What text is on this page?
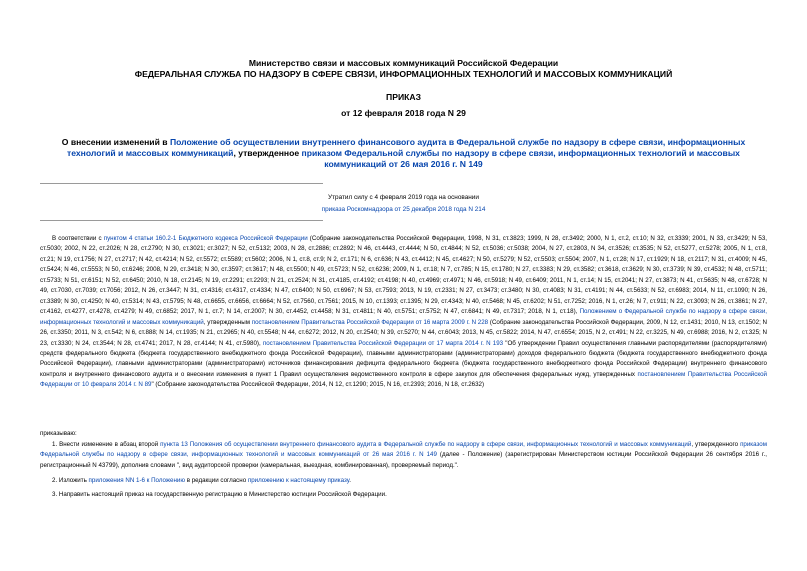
Министерство связи и массовых коммуникаций Российской Федерации
ФЕДЕРАЛЬНАЯ СЛУЖБА ПО НАДЗОРУ В СФЕРЕ СВЯЗИ, ИНФОРМАЦИОННЫХ ТЕХНОЛОГИЙ И МАССОВЫХ КОММУНИКАЦИЙ
ПРИКАЗ
от 12 февраля 2018 года N 29
О внесении изменений в Положение об осуществлении внутреннего финансового аудита в Федеральной службе по надзору в сфере связи, информационных технологий и массовых коммуникаций, утвержденное приказом Федеральной службы по надзору в сфере связи, информационных технологий и массовых коммуникаций от 26 мая 2016 г. N 149
Утратил силу с 4 февраля 2019 года на основании
приказа Роскомнадзора от 25 декабря 2018 года N 214
В соответствии с пунктом 4 статьи 160.2-1 Бюджетного кодекса Российской Федерации (Собрание законодательства Российской Федерации, 1998, N 31, ст.3823; 1999, N 28, ст.3492; 2000, N 1, ст.2, ст.10; N 32, ст.3339; 2001, N 33, ст.3429; N 53, ст.5030; 2002, N 22, ст.2026; N 28, ст.2790; N 30, ст.3021; ст.3027; N 52, ст.5132; 2003, N 28, ст.2886; ст.2892; N 46, ст.4443, ст.4444; N 50, ст.4844; N 52, ст.5036; ст.5038; 2004, N 27, ст.2803, N 34, ст.3526; ст.3535; N 52, ст.5277, ст.5278; 2005, N 1, ст.8, ст.21; N 19, ст.1756; N 27, ст.2717; N 42, ст.4214; N 52, ст.5572; ст.5589; ст.5602; 2006, N 1, ст.8, ст.9; N 2, ст.171; N 6, ст.636; N 43, ст.4412; N 45, ст.4627; N 50, ст.5279; N 52, ст.5503; ст.5504; 2007, N 1, ст.28; N 17, ст.1929; N 18, ст.2117; N 31, ст.4009; N 45, ст.5424; N 46, ст.5553; N 50, ст.6246; 2008, N 29, ст.3418; N 30, ст.3597; ст.3617; N 48, ст.5500; N 49, ст.5723; N 52, ст.6236; 2009, N 1, ст.18; N 7, ст.785; N 15, ст.1780; N 27, ст.3383; N 29, ст.3582; ст.3618, ст.3629; N 30, ст.3739; N 39, ст.4532; N 48, ст.5711; ст.5733; N 51, ст.6151; N 52, ст.6450; 2010, N 18, ст.2145; N 19, ст.2291; ст.2293; N 21, ст.2524; N 31, ст.4185, ст.4192; ст.4198; N 40, ст.4969; ст.4971; N 46, ст.5918; N 49, ст.6409; 2011, N 1, ст.14; N 15, ст.2041; N 27, ст.3873; N 41, ст.5635; N 48, ст.6728; N 49, ст.7030, ст.7039; ст.7056; 2012, N 26, ст.3447; N 31, ст.4316; ст.4317, ст.4334; N 47, ст.6400; N 50, ст.6967; N 53, ст.7593; 2013, N 19, ст.2331; N 27, ст.3473; ст.3480; N 30, ст.4083; N 31, ст.4191; N 44, ст.5633; N 52, ст.6983; 2014, N 11, ст.1090; N 26, ст.3389; N 30, ст.4250; N 40, ст.5314; N 43, ст.5795; N 48, ст.6655, ст.6656, ст.6664; N 52, ст.7560, ст.7561; 2015, N 10, ст.1393; ст.1395; N 29, ст.4343; N 40, ст.5468; N 45, ст.6202; N 51, ст.7252; 2016, N 1, ст.26; N 7, ст.911; N 22, ст.3093; N 26, ст.3861; N 27, ст.4162, ст.4277, ст.4278, ст.4279; N 49, ст.6852; 2017, N 1, ст.7; N 14, ст.2007; N 30, ст.4452, ст.4458; N 31, ст.4811; N 40, ст.5751; ст.5752; N 47, ст.6841; N 49, ст.7317; 2018, N 1, ст.18), Положением о Федеральной службе по надзору в сфере связи, информационных технологий и массовых коммуникаций, утвержденным постановлением Правительства Российской Федерации от 16 марта 2009 г. N 228 (Собрание законодательства Российской Федерации, 2009, N 12, ст.1431; 2010, N 13, ст.1502; N 26, ст.3350; 2011, N 3, ст.542; N 6, ст.888; N 14, ст.1935; N 21, ст.2965; N 40, ст.5548; N 44, ст.6272; 2012, N 20, ст.2540; N 39, ст.5270; N 44, ст.6043; 2013, N 45, ст.5822; 2014, N 47, ст.6554; 2015, N 2, ст.491; N 22, ст.3225, N 49, ст.6988; 2016, N 2, ст.325; N 23, ст.3330; N 24, ст.3544; N 28, ст.4741; 2017, N 28, ст.4144; N 41, ст.5980), постановлением Правительства Российской Федерации от 17 марта 2014 г. N 193 "Об утверждении Правил осуществления главными распорядителями (распорядителями) средств федерального бюджета (бюджета государственного внебюджетного фонда Российской Федерации), главными администраторами (администраторами) доходов федерального бюджета (бюджета государственного внебюджетного фонда Российской Федерации), главными администраторами (администраторами) источников финансирования дефицита федерального бюджета (бюджета государственного внебюджетного фонда Российской Федерации) внутреннего финансового контроля и внутреннего финансового аудита и о внесении изменения в пункт 1 Правил осуществления ведомственного контроля в сфере закупок для обеспечения федеральных нужд, утвержденных постановлением Правительства Российской Федерации от 10 февраля 2014 г. N 89" (Собрание законодательства Российской Федерации, 2014, N 12, ст.1290; 2015, N 16, ст.2393; 2016, N 18, ст.2632)
приказываю:
1. Внести изменение в абзац второй пункта 13 Положения об осуществлении внутреннего финансового аудита в Федеральной службе по надзору в сфере связи, информационных технологий и массовых коммуникаций, утвержденного приказом Федеральной службы по надзору в сфере связи, информационных технологий и массовых коммуникаций от 26 мая 2016 г. N 149 (далее - Положение) (зарегистрирован Министерством юстиции Российской Федерации 26 сентября 2016 г., регистрационный N 43799), дополнив словами ", вид аудиторской проверки (камеральная, выездная, комбинированная), проверяемый период.".
2. Изложить приложения NN 1-6 к Положению в редакции согласно приложению к настоящему приказу.
3. Направить настоящий приказ на государственную регистрацию в Министерство юстиции Российской Федерации.
